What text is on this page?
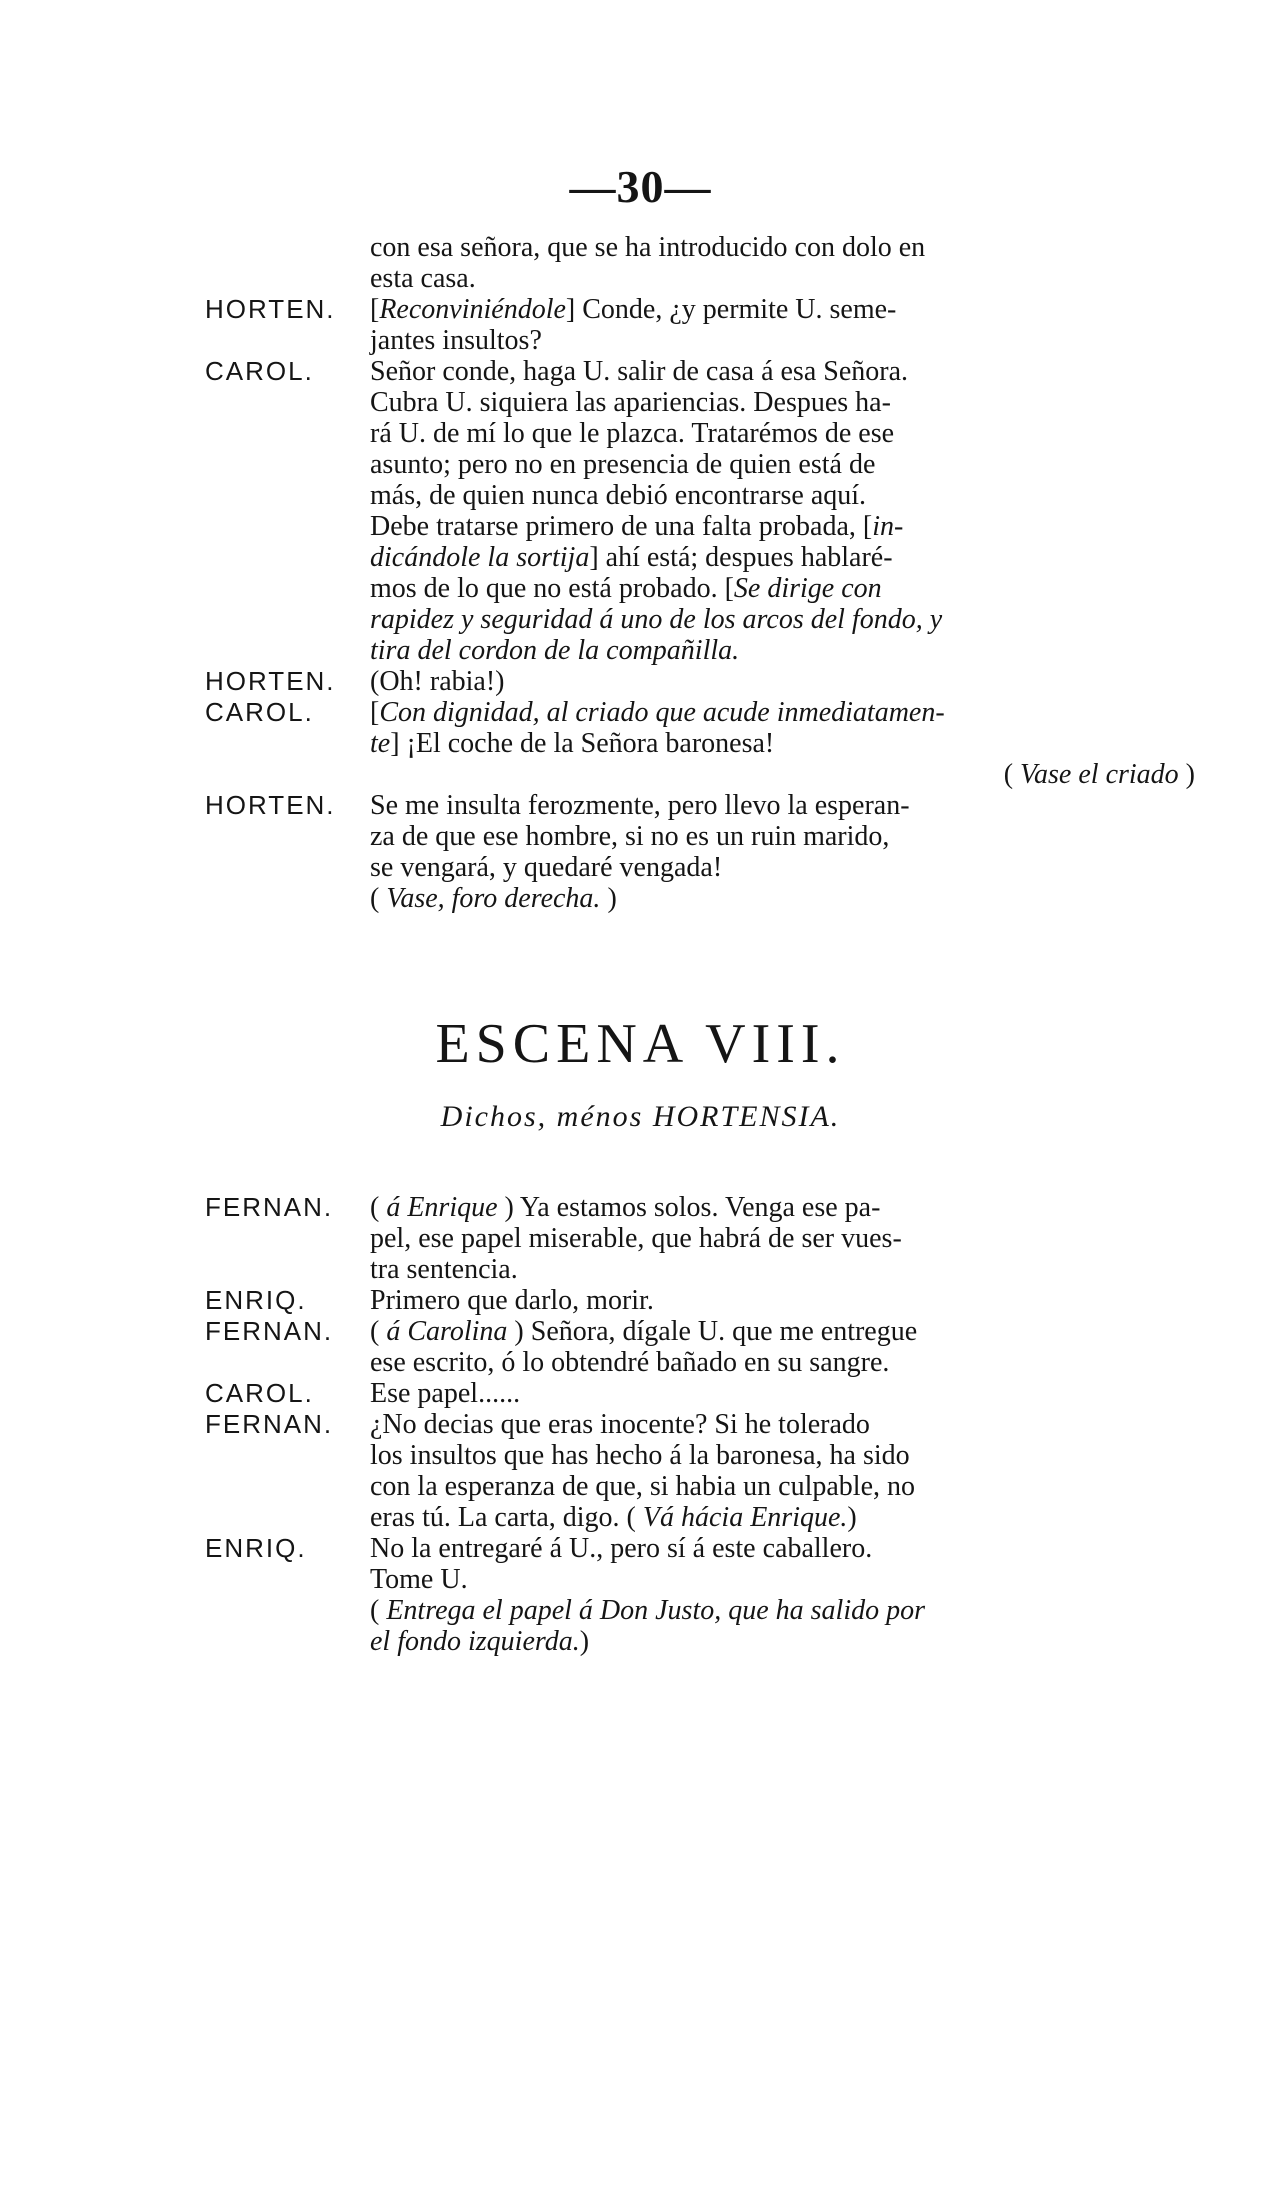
—30—
con esa señora, que se ha introducido con dolo en
esta casa.
HORTEN. [Reconviniéndole] Conde, ¿y permite U. seme-
jantes insultos?
CAROL. Señor conde, haga U. salir de casa á esa Señora.
Cubra U. siquiera las apariencias. Despues ha-
rá U. de mí lo que le plazca. Tratarémos de ese
asunto; pero no en presencia de quien está de
más, de quien nunca debió encontrarse aquí.
Debe tratarse primero de una falta probada, [in-
dicándole la sortija] ahí está; despues hablaré-
mos de lo que no está probado. [Se dirige con
rapidez y seguridad á uno de los arcos del fondo, y
tira del cordon de la compañilla.
HORTEN. (Oh! rabia!)
CAROL. [Con dignidad, al criado que acude inmediatamen-
te] ¡El coche de la Señora baronesa!
( Vase el criado )
HORTEN. Se me insulta ferozmente, pero llevo la esperan-
za de que ese hombre, si no es un ruin marido,
se vengará, y quedaré vengada!
( Vase, foro derecha. )
ESCENA VIII.
Dichos, ménos HORTENSIA.
FERNAN. ( á Enrique ) Ya estamos solos. Venga ese pa-
pel, ese papel miserable, que habrá de ser vues-
tra sentencia.
ENRIQ. Primero que darlo, morir.
FERNAN. ( á Carolina ) Señora, dígale U. que me entregue
ese escrito, ó lo obtendré bañado en su sangre.
CAROL. Ese papel......
FERNAN. ¿No decias que eras inocente? Si he tolerado
los insultos que has hecho á la baronesa, ha sido
con la esperanza de que, si habia un culpable, no
eras tú. La carta, digo. ( Vá hácia Enrique.)
ENRIQ. No la entregaré á U., pero sí á este caballero.
Tome U.
( Entrega el papel á Don Justo, que ha salido por
el fondo izquierda.)
